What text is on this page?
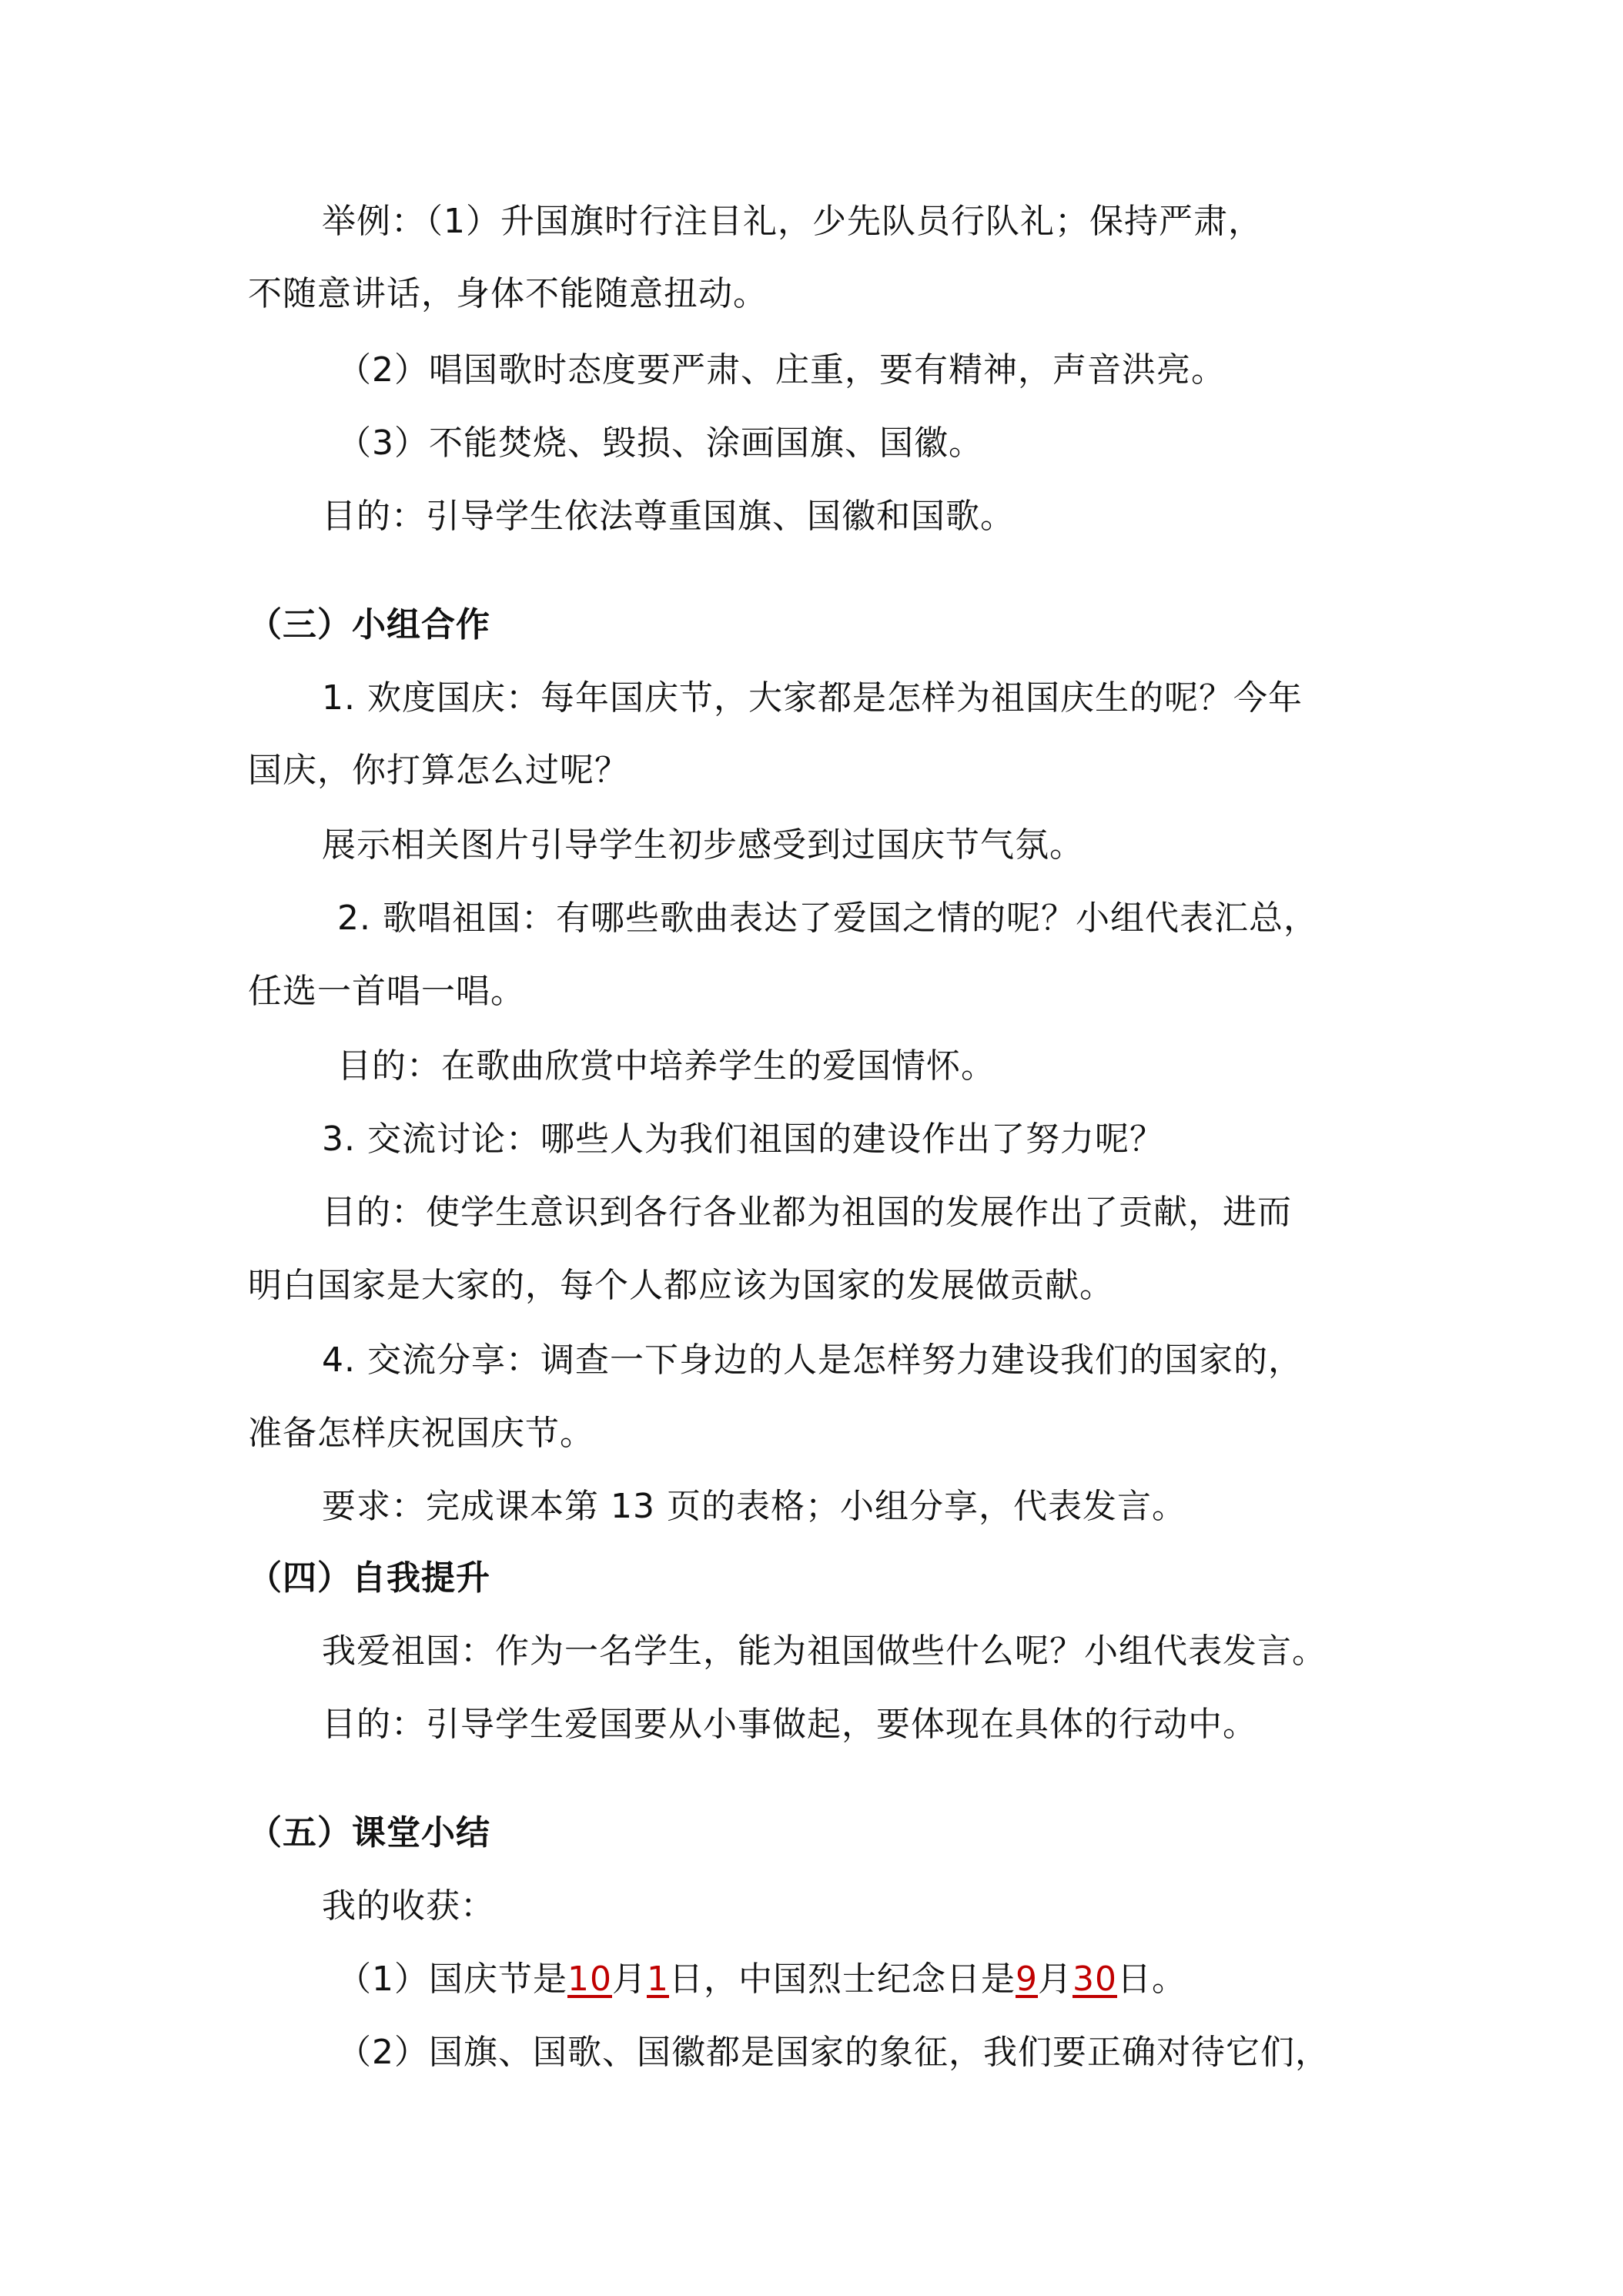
举例：（1）升国旗时行注目礼，少先队员行队礼；保持严肃，
不随意讲话，身体不能随意扭动。
（2）唱国歌时态度要严肃、庄重，要有精神，声音洪亮。
（3）不能焚烧、毁损、涂画国旗、国徽。
目的：引导学生依法尊重国旗、国徽和国歌。
（三）小组合作
1. 欢度国庆：每年国庆节，大家都是怎样为祖国庆生的呢？今年
国庆，你打算怎么过呢？
展示相关图片引导学生初步感受到过国庆节气氛。
2. 歌唱祖国：有哪些歌曲表达了爱国之情的呢？小组代表汇总，
任选一首唱一唱。
目的：在歌曲欣赏中培养学生的爱国情怀。
3. 交流讨论：哪些人为我们祖国的建设作出了努力呢？
目的：使学生意识到各行各业都为祖国的发展作出了贡献，进而
明白国家是大家的，每个人都应该为国家的发展做贡献。
4. 交流分享：调查一下身边的人是怎样努力建设我们的国家的，
准备怎样庆祝国庆节。
要求：完成课本第 13 页的表格；小组分享，代表发言。
（四）自我提升
我爱祖国：作为一名学生，能为祖国做些什么呢？小组代表发言。
目的：引导学生爱国要从小事做起，要体现在具体的行动中。
（五）课堂小结
我的收获：
（1）国庆节是10月1日，中国烈士纪念日是9月30日。
（2）国旗、国歌、国徽都是国家的象征，我们要正确对待它们，
